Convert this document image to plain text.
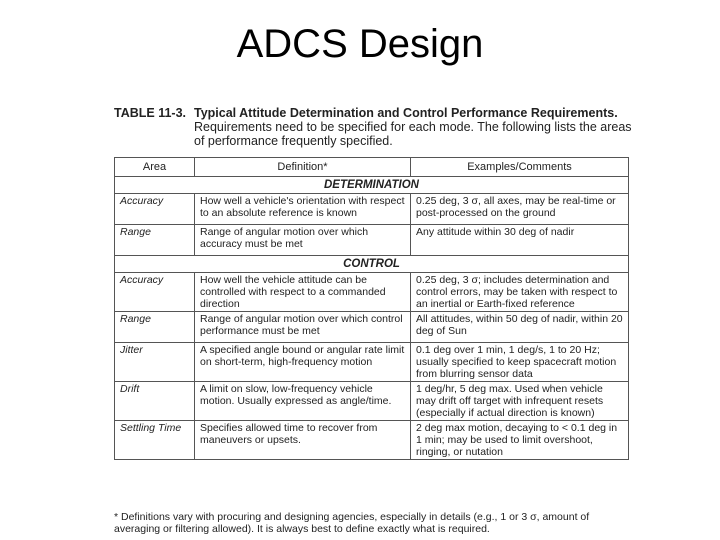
ADCS Design
TABLE 11-3. Typical Attitude Determination and Control Performance Requirements.
Requirements need to be specified for each mode. The following lists the areas of performance frequently specified.
Area	Definition*	Examples/Comments
DETERMINATION		
Accuracy	How well a vehicle's orientation with respect to an absolute reference is known	0.25 deg, 3 σ, all axes, may be real-time or post-processed on the ground
Range	Range of angular motion over which accuracy must be met	Any attitude within 30 deg of nadir
CONTROL		
Accuracy	How well the vehicle attitude can be controlled with respect to a commanded direction	0.25 deg, 3 σ; includes determination and control errors, may be taken with respect to an inertial or Earth-fixed reference
Range	Range of angular motion over which control performance must be met	All attitudes, within 50 deg of nadir, within 20 deg of Sun
Jitter	A specified angle bound or angular rate limit on short-term, high-frequency motion	0.1 deg over 1 min, 1 deg/s, 1 to 20 Hz; usually specified to keep spacecraft motion from blurring sensor data
Drift	A limit on slow, low-frequency vehicle motion. Usually expressed as angle/time.	1 deg/hr, 5 deg max. Used when vehicle may drift off target with infrequent resets (especially if actual direction is known)
Settling Time	Specifies allowed time to recover from maneuvers or upsets.	2 deg max motion, decaying to < 0.1 deg in 1 min; may be used to limit overshoot, ringing, or nutation
* Definitions vary with procuring and designing agencies, especially in details (e.g., 1 or 3 σ, amount of averaging or filtering allowed). It is always best to define exactly what is required.
